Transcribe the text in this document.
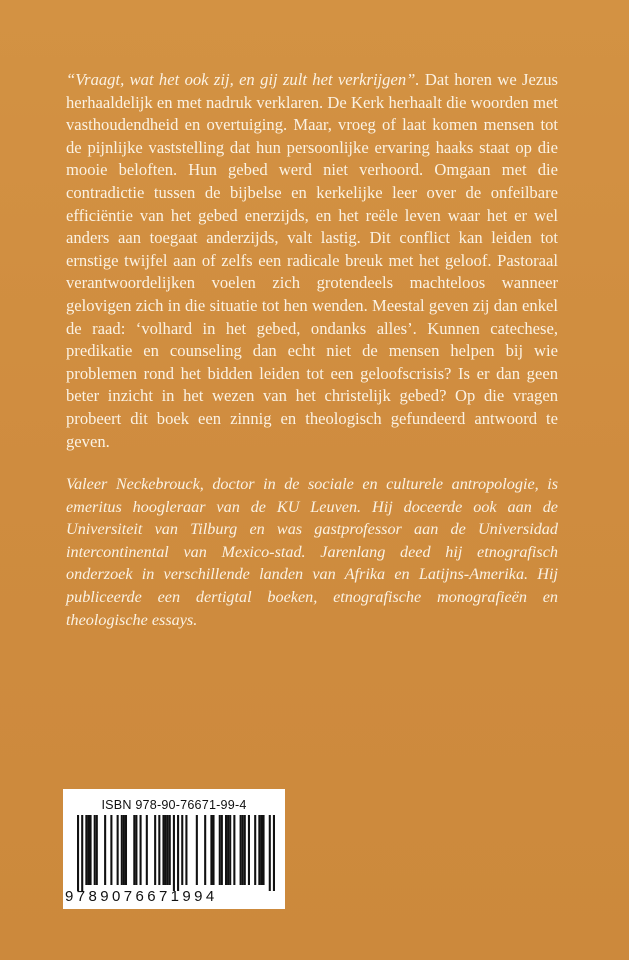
“Vraagt, wat het ook zij, en gij zult het verkrijgen”. Dat horen we Jezus herhaaldelijk en met nadruk verklaren. De Kerk herhaalt die woorden met vasthoudendheid en overtuiging. Maar, vroeg of laat komen mensen tot de pijnlijke vaststelling dat hun persoonlijke ervaring haaks staat op die mooie beloften. Hun gebed werd niet verhoord. Omgaan met die contradictie tussen de bijbelse en kerkelijke leer over de onfeilbare efficiëntie van het gebed enerzijds, en het reële leven waar het er wel anders aan toegaat anderzijds, valt lastig. Dit conflict kan leiden tot ernstige twijfel aan of zelfs een radicale breuk met het geloof. Pastoraal verantwoordelijken voelen zich grotendeels machteloos wanneer gelovigen zich in die situatie tot hen wenden. Meestal geven zij dan enkel de raad: ‘volhard in het gebed, ondanks alles’. Kunnen catechese, predikatie en counseling dan echt niet de mensen helpen bij wie problemen rond het bidden leiden tot een geloofscrisis? Is er dan geen beter inzicht in het wezen van het christelijk gebed? Op die vragen probeert dit boek een zinnig en theologisch gefundeerd antwoord te geven.

Valeer Neckebrouck, doctor in de sociale en culturele antropologie, is emeritus hoogleraar van de KU Leuven. Hij doceerde ook aan de Universiteit van Tilburg en was gastprofessor aan de Universidad intercontinental van Mexico-stad. Jarenlang deed hij etnografisch onderzoek in verschillende landen van Afrika en Latijns-Amerika. Hij publiceerde een dertigtal boeken, etnografische monografieën en theologische essays.

ISBN 978-90-76671-99-4
9789076671994
